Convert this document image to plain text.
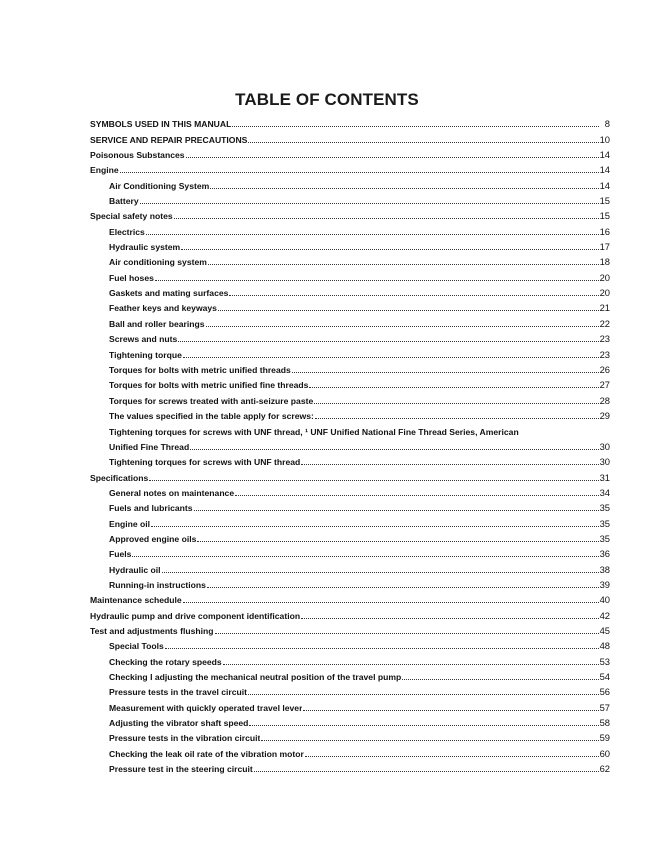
TABLE OF CONTENTS
SYMBOLS USED IN THIS MANUAL	8
SERVICE AND REPAIR PRECAUTIONS	10
Poisonous Substances	14
Engine	14
Air Conditioning System	14
Battery	15
Special safety notes	15
Electrics	16
Hydraulic system	17
Air conditioning system	18
Fuel hoses	20
Gaskets and mating surfaces	20
Feather keys and keyways	21
Ball and roller bearings	22
Screws and nuts	23
Tightening torque	23
Torques for bolts with metric unified threads	26
Torques for bolts with metric unified fine threads	27
Torques for screws treated with anti-seizure paste	28
The values specified in the table apply for screws:	29
Tightening torques for screws with UNF thread, ¹ UNF Unified National Fine Thread Series, American
Unified Fine Thread	30
Tightening torques for screws with UNF thread	30
Specifications	31
General notes on maintenance	34
Fuels and lubricants	35
Engine oil	35
Approved engine oils	35
Fuels	36
Hydraulic oil	38
Running-in instructions	39
Maintenance schedule	40
Hydraulic pump and drive component identification	42
Test and adjustments flushing	45
Special Tools	48
Checking the rotary speeds	53
Checking I adjusting the mechanical neutral position of the travel pump	54
Pressure tests in the travel circuit	56
Measurement with quickly operated travel lever	57
Adjusting the vibrator shaft speed	58
Pressure tests in the vibration circuit	59
Checking the leak oil rate of the vibration motor	60
Pressure test in the steering circuit	62
